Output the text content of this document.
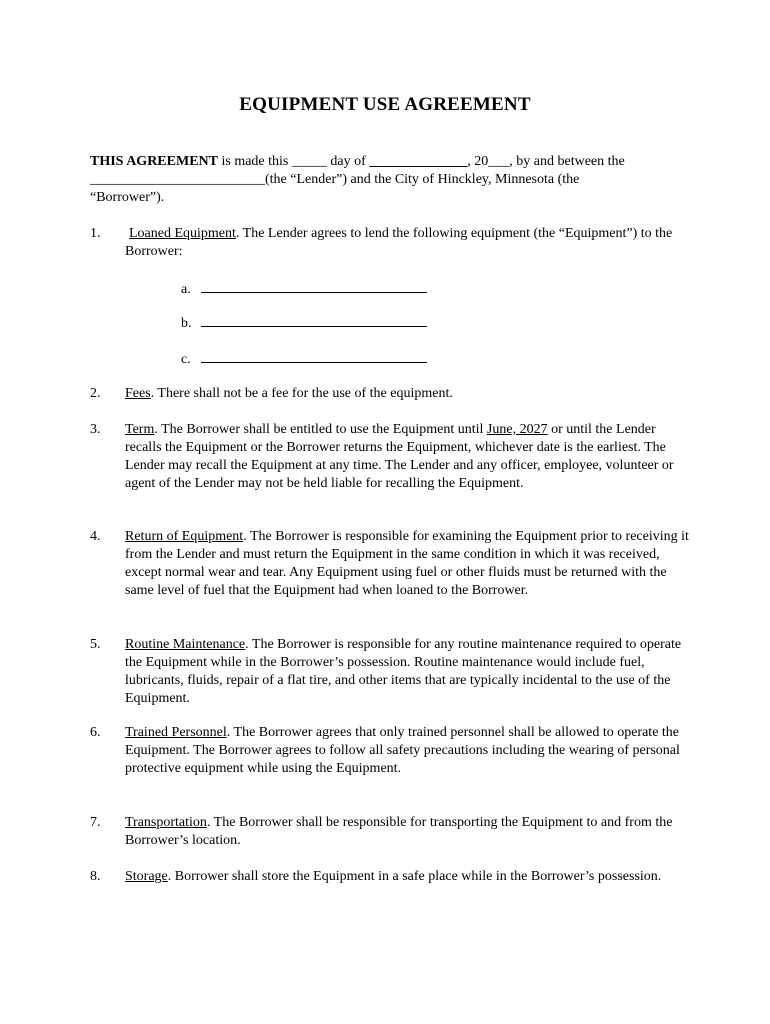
EQUIPMENT USE AGREEMENT
THIS AGREEMENT is made this _____ day of ______________, 20___, by and between the
_________________________(the “Lender”) and the City of Hinckley, Minnesota (the
“Borrower”).
1. Loaned Equipment. The Lender agrees to lend the following equipment (the “Equipment”) to the Borrower:
a.
b.
c.
2. Fees. There shall not be a fee for the use of the equipment.
3. Term. The Borrower shall be entitled to use the Equipment until June, 2027 or until the Lender recalls the Equipment or the Borrower returns the Equipment, whichever date is the earliest. The Lender may recall the Equipment at any time. The Lender and any officer, employee, volunteer or agent of the Lender may not be held liable for recalling the Equipment.
4. Return of Equipment. The Borrower is responsible for examining the Equipment prior to receiving it from the Lender and must return the Equipment in the same condition in which it was received, except normal wear and tear. Any Equipment using fuel or other fluids must be returned with the same level of fuel that the Equipment had when loaned to the Borrower.
5. Routine Maintenance. The Borrower is responsible for any routine maintenance required to operate the Equipment while in the Borrower’s possession. Routine maintenance would include fuel, lubricants, fluids, repair of a flat tire, and other items that are typically incidental to the use of the Equipment.
6. Trained Personnel. The Borrower agrees that only trained personnel shall be allowed to operate the Equipment. The Borrower agrees to follow all safety precautions including the wearing of personal protective equipment while using the Equipment.
7. Transportation. The Borrower shall be responsible for transporting the Equipment to and from the Borrower’s location.
8. Storage. Borrower shall store the Equipment in a safe place while in the Borrower’s possession.
